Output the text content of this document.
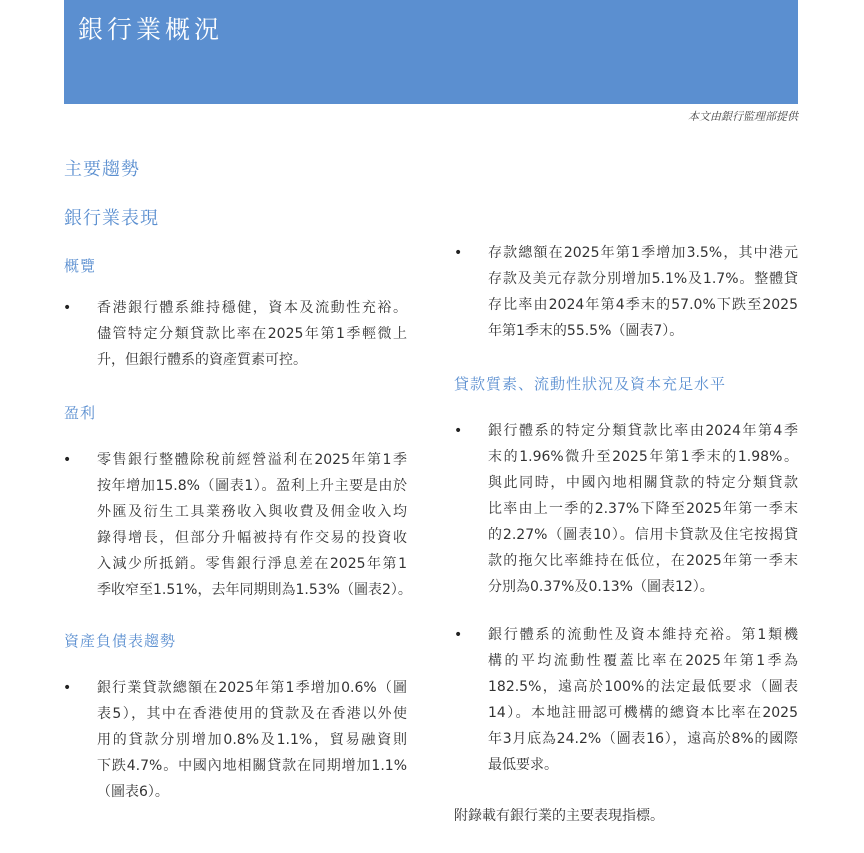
銀行業概況
本文由銀行監理部提供
主要趨勢
銀行業表現
概覽
盈利
資產負債表趨勢
貸款質素、流動性狀況及資本充足水平
• 香港銀行體系維持穩健，資本及流動性充裕。
儘管特定分類貸款比率在2025年第1季輕微上
升，但銀行體系的資產質素可控。
• 零售銀行整體除稅前經營溢利在2025年第1季
按年增加15.8%（圖表1）。盈利上升主要是由於
外匯及衍生工具業務收入與收費及佣金收入均
錄得增長，但部分升幅被持有作交易的投資收
入減少所抵銷。零售銀行淨息差在2025年第1
季收窄至1.51%，去年同期則為1.53%（圖表2）。
• 銀行業貸款總額在2025年第1季增加0.6%（圖
表5），其中在香港使用的貸款及在香港以外使
用的貸款分別增加0.8%及1.1%，貿易融資則
下跌4.7%。中國內地相關貸款在同期增加1.1%
（圖表6）。
• 存款總額在2025年第1季增加3.5%，其中港元
存款及美元存款分別增加5.1%及1.7%。整體貸
存比率由2024年第4季末的57.0%下跌至2025
年第1季末的55.5%（圖表7）。
• 銀行體系的特定分類貸款比率由2024年第4季
末的1.96%微升至2025年第1季末的1.98%。
與此同時，中國內地相關貸款的特定分類貸款
比率由上一季的2.37%下降至2025年第一季末
的2.27%（圖表10）。信用卡貸款及住宅按揭貸
款的拖欠比率維持在低位，在2025年第一季末
分別為0.37%及0.13%（圖表12）。
• 銀行體系的流動性及資本維持充裕。第1類機
構的平均流動性覆蓋比率在2025年第1季為
182.5%，遠高於100%的法定最低要求（圖表
14）。本地註冊認可機構的總資本比率在2025
年3月底為24.2%（圖表16），遠高於8%的國際
最低要求。
附錄載有銀行業的主要表現指標。
